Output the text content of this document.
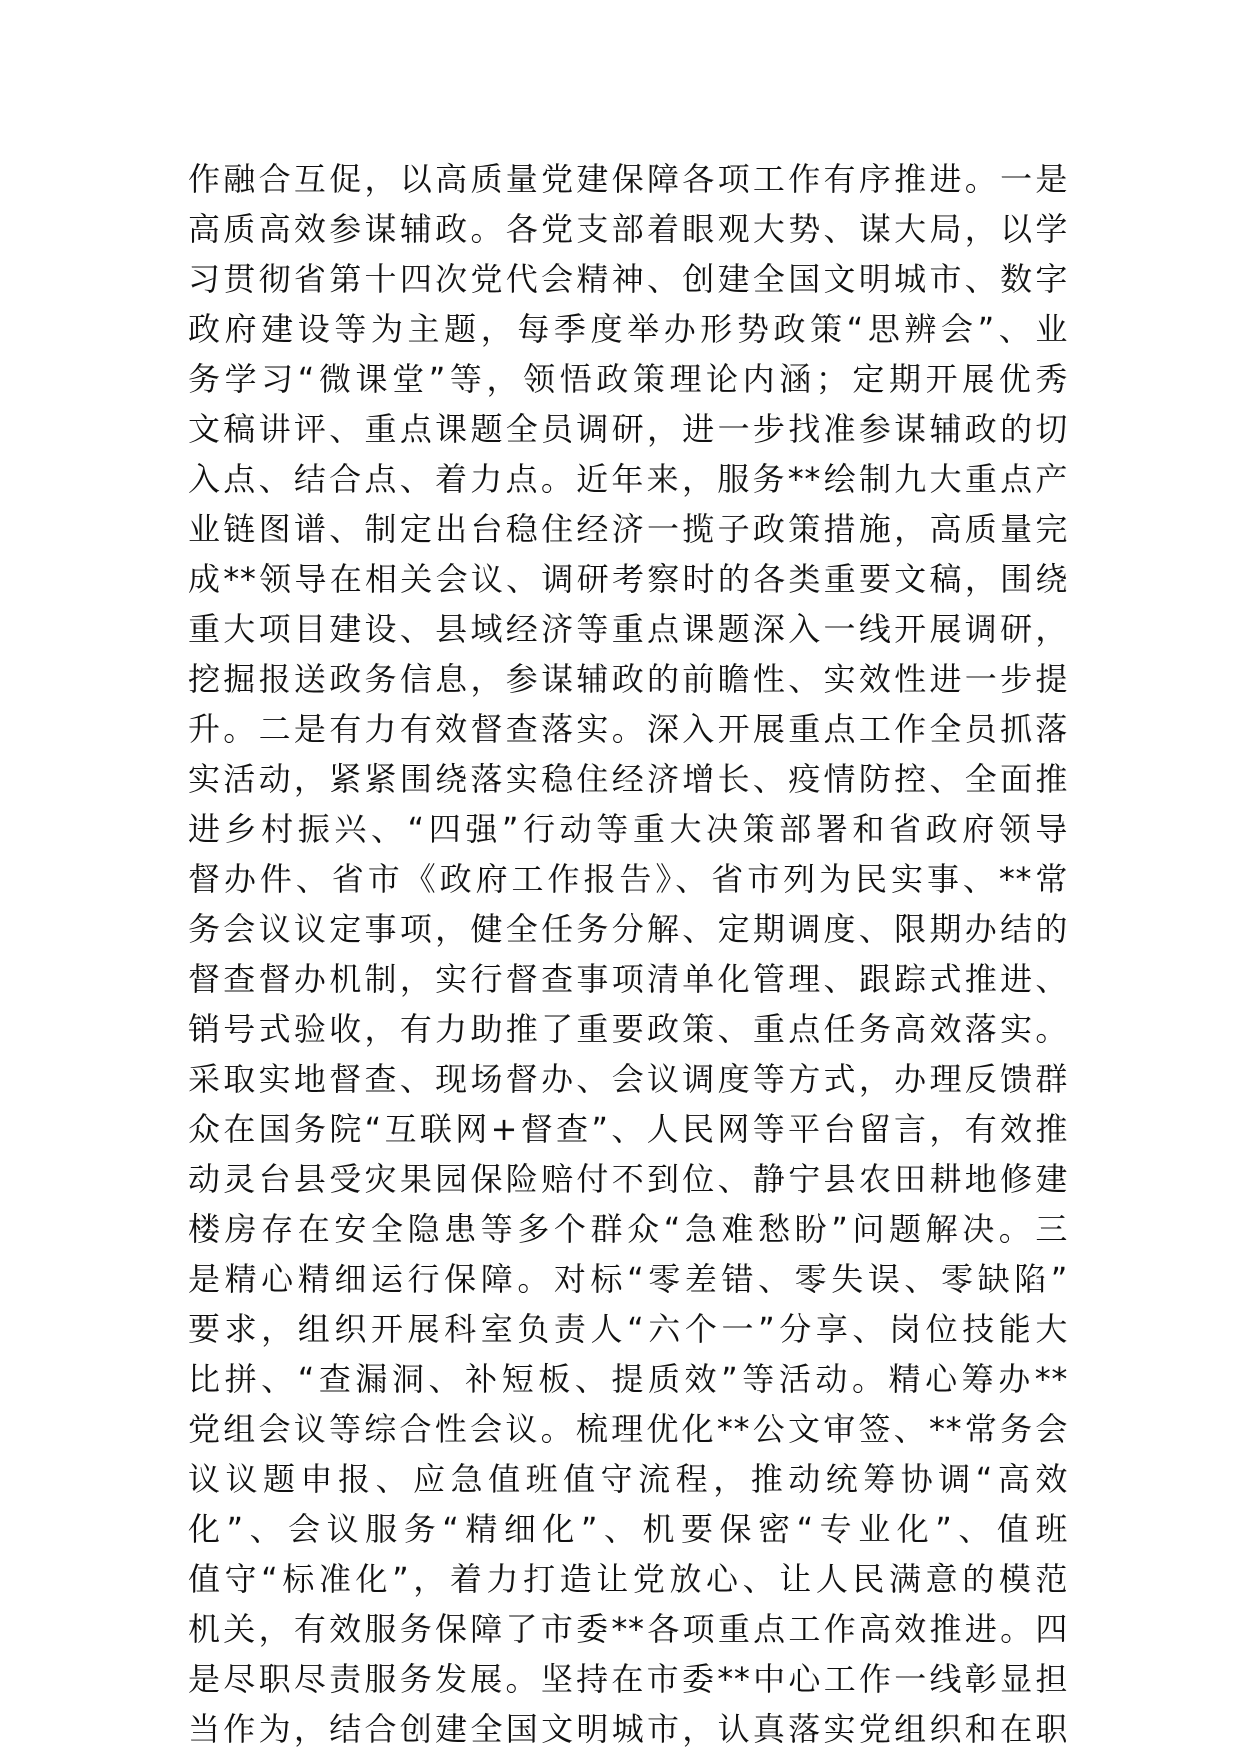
作融合互促，以高质量党建保障各项工作有序推进。一是
高质高效参谋辅政。各党支部着眼观大势、谋大局，以学
习贯彻省第十四次党代会精神、创建全国文明城市、数字
政府建设等为主题，每季度举办形势政策“思辨会”、业
务学习“微课堂”等，领悟政策理论内涵；定期开展优秀
文稿讲评、重点课题全员调研，进一步找准参谋辅政的切
入点、结合点、着力点。近年来，服务**绘制九大重点产
业链图谱、制定出台稳住经济一揽子政策措施，高质量完
成**领导在相关会议、调研考察时的各类重要文稿，围绕
重大项目建设、县域经济等重点课题深入一线开展调研，
挖掘报送政务信息，参谋辅政的前瞻性、实效性进一步提
升。二是有力有效督查落实。深入开展重点工作全员抓落
实活动，紧紧围绕落实稳住经济增长、疫情防控、全面推
进乡村振兴、“四强”行动等重大决策部署和省政府领导
督办件、省市《政府工作报告》、省市列为民实事、**常
务会议议定事项，健全任务分解、定期调度、限期办结的
督查督办机制，实行督查事项清单化管理、跟踪式推进、
销号式验收，有力助推了重要政策、重点任务高效落实。
采取实地督查、现场督办、会议调度等方式，办理反馈群
众在国务院“互联网+督查”、人民网等平台留言，有效推
动灵台县受灾果园保险赔付不到位、静宁县农田耕地修建
楼房存在安全隐患等多个群众“急难愁盼”问题解决。三
是精心精细运行保障。对标“零差错、零失误、零缺陷”
要求，组织开展科室负责人“六个一”分享、岗位技能大
比拼、“查漏洞、补短板、提质效”等活动。精心筹办**
党组会议等综合性会议。梳理优化**公文审签、**常务会
议议题申报、应急值班值守流程，推动统筹协调“高效
化”、会议服务“精细化”、机要保密“专业化”、值班
值守“标准化”，着力打造让党放心、让人民满意的模范
机关，有效服务保障了市委**各项重点工作高效推进。四
是尽职尽责服务发展。坚持在市委**中心工作一线彰显担
当作为，结合创建全国文明城市，认真落实党组织和在职
